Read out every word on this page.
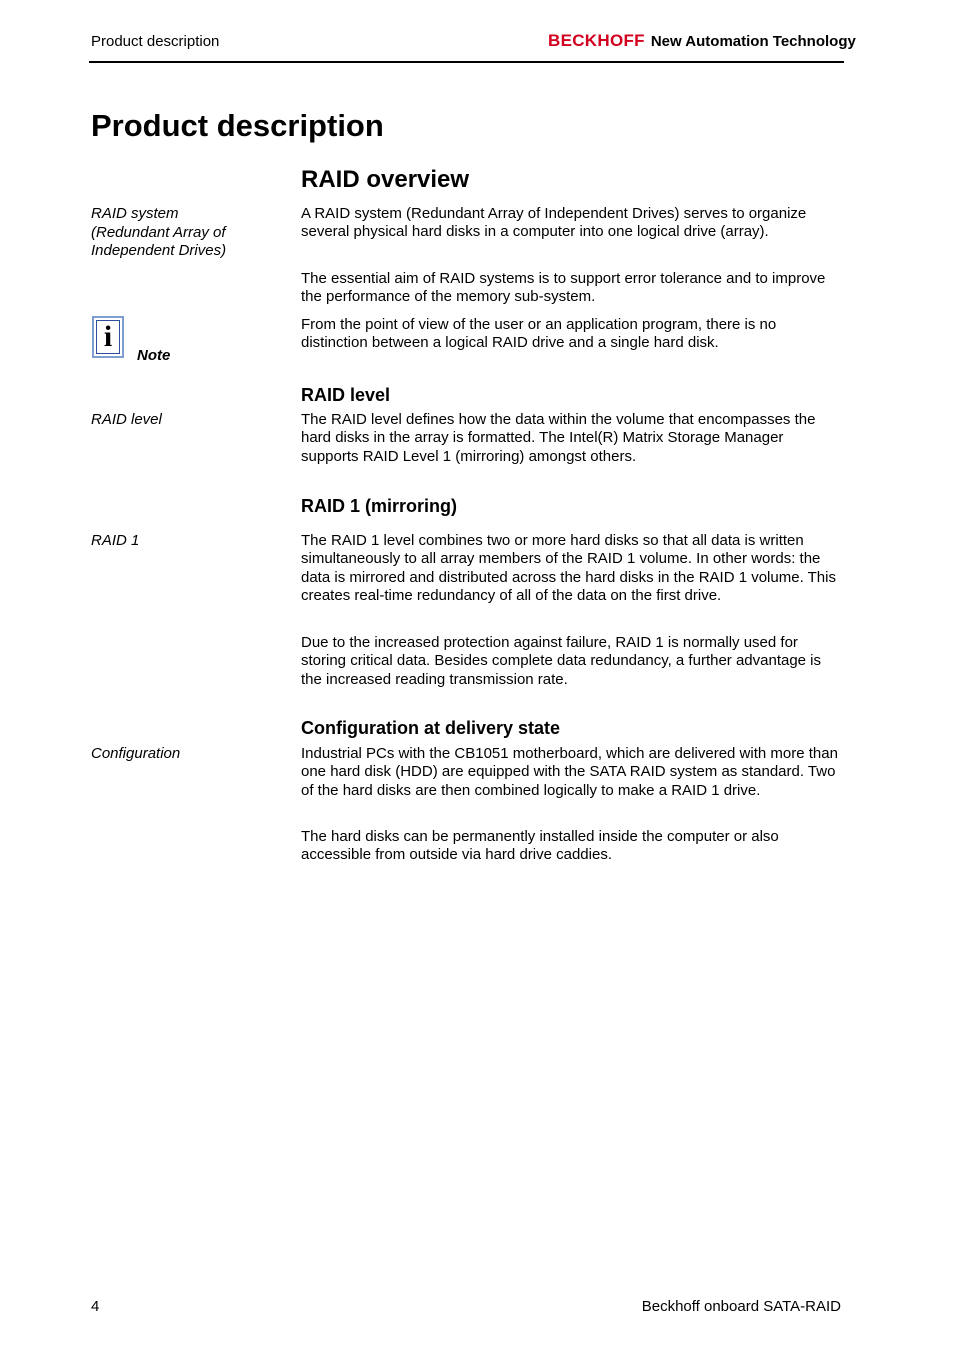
Product description	BECKHOFF New Automation Technology
Product description
RAID overview
RAID system (Redundant Array of Independent Drives)

A RAID system (Redundant Array of Independent Drives) serves to organize several physical hard disks in a computer into one logical drive (array).

The essential aim of RAID systems is to support error tolerance and to improve the performance of the memory sub-system.

From the point of view of the user or an application program, there is no distinction between a logical RAID drive and a single hard disk.

i
Note
RAID level
RAID level	The RAID level defines how the data within the volume that encompasses the hard disks in the array is formatted. The Intel(R) Matrix Storage Manager supports RAID Level 1 (mirroring) amongst others.

RAID 1 (mirroring)
RAID 1	The RAID 1 level combines two or more hard disks so that all data is written simultaneously to all array members of the RAID 1 volume. In other words: the data is mirrored and distributed across the hard disks in the RAID 1 volume. This creates real-time redundancy of all of the data on the first drive.

Due to the increased protection against failure, RAID 1 is normally used for storing critical data. Besides complete data redundancy, a further advantage is the increased reading transmission rate.

Configuration at delivery state
Configuration	Industrial PCs with the CB1051 motherboard, which are delivered with more than one hard disk (HDD) are equipped with the SATA RAID system as standard. Two of the hard disks are then combined logically to make a RAID 1 drive.

The hard disks can be permanently installed inside the computer or also accessible from outside via hard drive caddies.

4	Beckhoff onboard SATA-RAID
